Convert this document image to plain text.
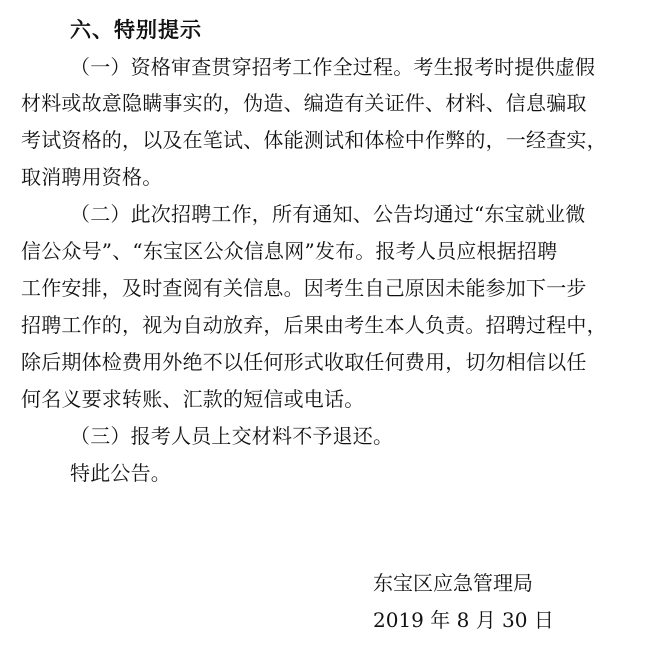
六、特别提示
（一）资格审查贯穿招考工作全过程。考生报考时提供虚假
材料或故意隐瞒事实的，伪造、编造有关证件、材料、信息骗取
考试资格的，以及在笔试、体能测试和体检中作弊的，一经查实，
取消聘用资格。
（二）此次招聘工作，所有通知、公告均通过“东宝就业微
信公众号”、“东宝区公众信息网”发布。报考人员应根据招聘
工作安排，及时查阅有关信息。因考生自己原因未能参加下一步
招聘工作的，视为自动放弃，后果由考生本人负责。招聘过程中，
除后期体检费用外绝不以任何形式收取任何费用，切勿相信以任
何名义要求转账、汇款的短信或电话。
（三）报考人员上交材料不予退还。
特此公告。
东宝区应急管理局
2019 年 8 月 30 日
